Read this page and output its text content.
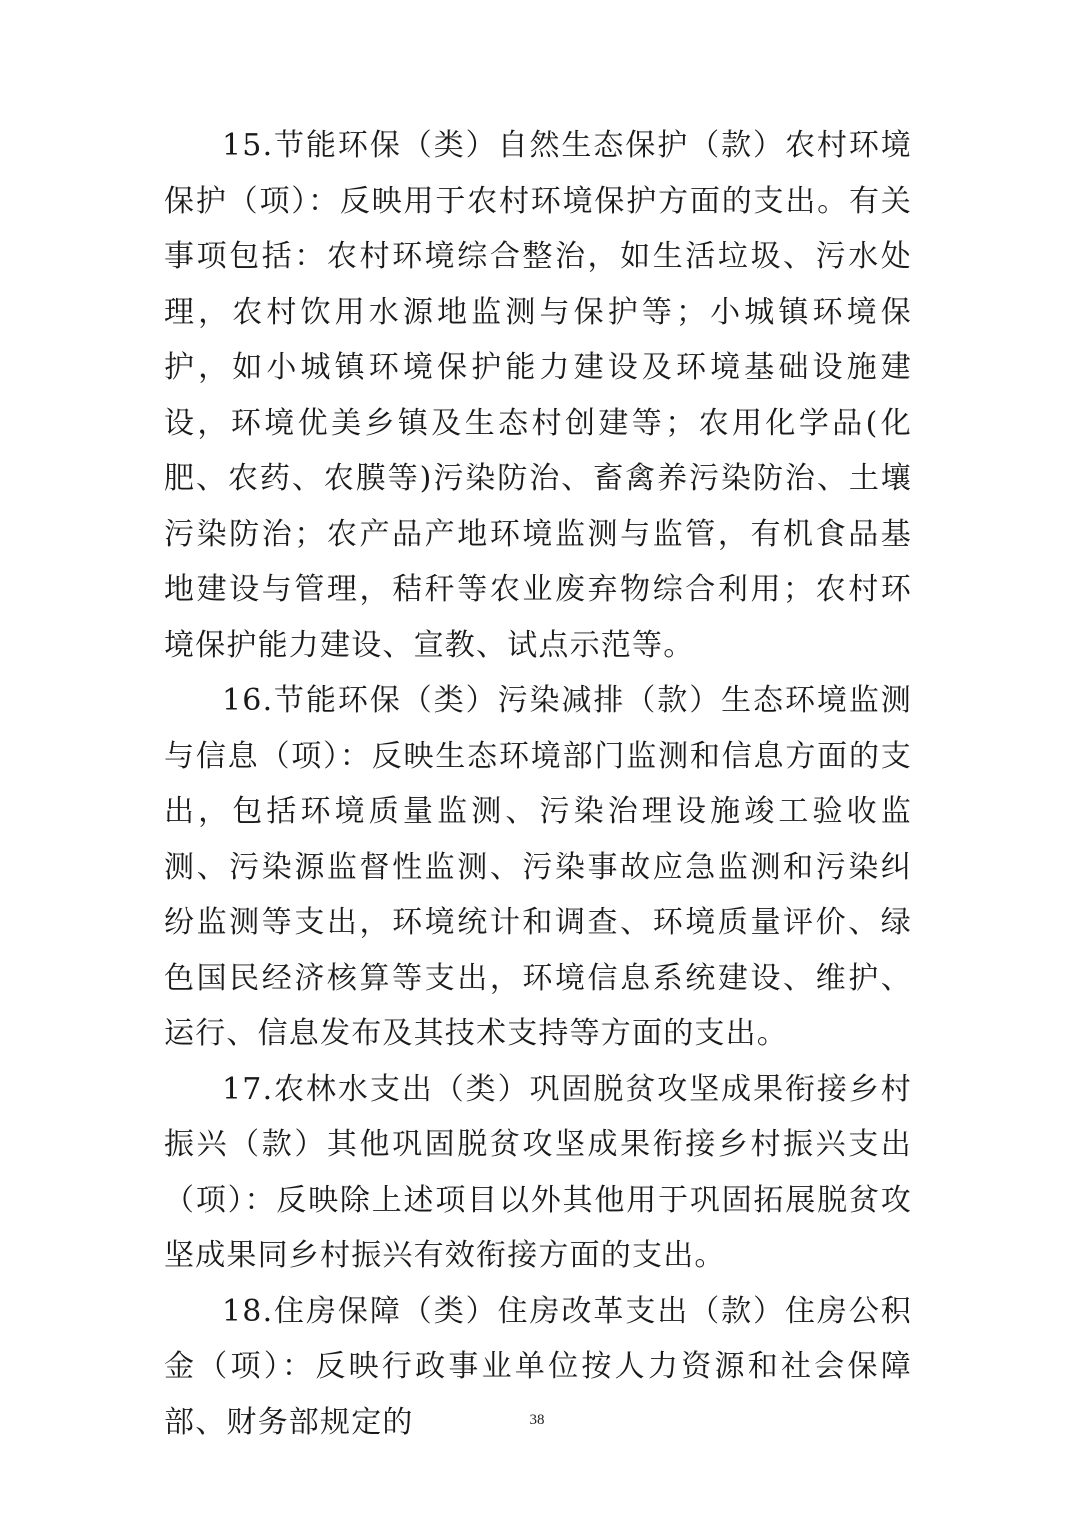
15.节能环保（类）自然生态保护（款）农村环境保护（项）：反映用于农村环境保护方面的支出。有关事项包括：农村环境综合整治，如生活垃圾、污水处理，农村饮用水源地监测与保护等；小城镇环境保护，如小城镇环境保护能力建设及环境基础设施建设，环境优美乡镇及生态村创建等；农用化学品(化肥、农药、农膜等)污染防治、畜禽养污染防治、土壤污染防治；农产品产地环境监测与监管，有机食品基地建设与管理，秸秆等农业废弃物综合利用；农村环境保护能力建设、宣教、试点示范等。

16.节能环保（类）污染减排（款）生态环境监测与信息（项）：反映生态环境部门监测和信息方面的支出，包括环境质量监测、污染治理设施竣工验收监测、污染源监督性监测、污染事故应急监测和污染纠纷监测等支出，环境统计和调查、环境质量评价、绿色国民经济核算等支出，环境信息系统建设、维护、运行、信息发布及其技术支持等方面的支出。

17.农林水支出（类）巩固脱贫攻坚成果衔接乡村振兴（款）其他巩固脱贫攻坚成果衔接乡村振兴支出（项）：反映除上述项目以外其他用于巩固拓展脱贫攻坚成果同乡村振兴有效衔接方面的支出。

18.住房保障（类）住房改革支出（款）住房公积金（项）：反映行政事业单位按人力资源和社会保障部、财务部规定的	38
